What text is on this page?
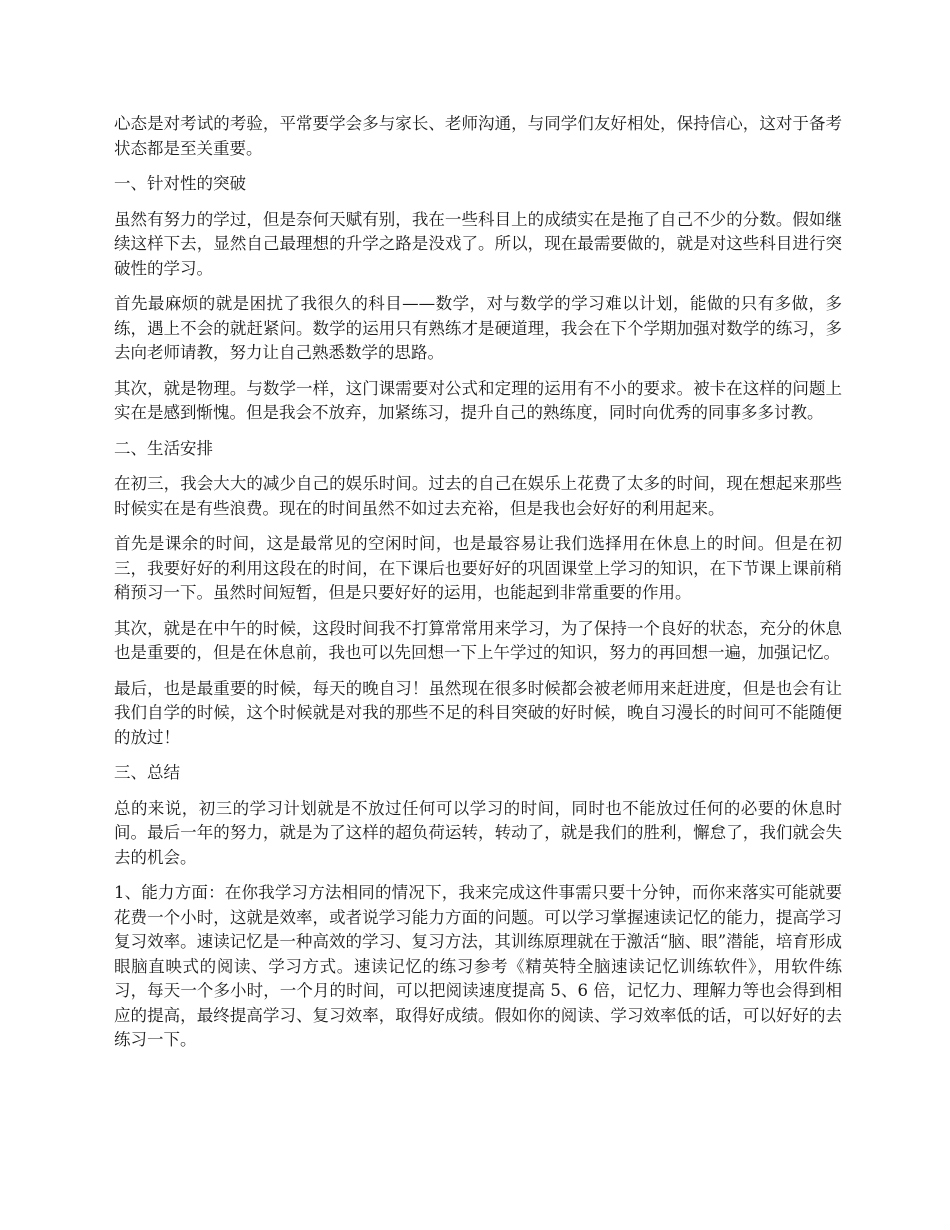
心态是对考试的考验，平常要学会多与家长、老师沟通，与同学们友好相处，保持信心，这对于备考状态都是至关重要。

一、针对性的突破

虽然有努力的学过，但是奈何天赋有别，我在一些科目上的成绩实在是拖了自己不少的分数。假如继续这样下去，显然自己最理想的升学之路是没戏了。所以，现在最需要做的，就是对这些科目进行突破性的学习。

首先最麻烦的就是困扰了我很久的科目——数学，对与数学的学习难以计划，能做的只有多做，多练，遇上不会的就赶紧问。数学的运用只有熟练才是硬道理，我会在下个学期加强对数学的练习，多去向老师请教，努力让自己熟悉数学的思路。

其次，就是物理。与数学一样，这门课需要对公式和定理的运用有不小的要求。被卡在这样的问题上实在是感到惭愧。但是我会不放弃，加紧练习，提升自己的熟练度，同时向优秀的同事多多讨教。

二、生活安排

在初三，我会大大的减少自己的娱乐时间。过去的自己在娱乐上花费了太多的时间，现在想起来那些时候实在是有些浪费。现在的时间虽然不如过去充裕，但是我也会好好的利用起来。

首先是课余的时间，这是最常见的空闲时间，也是最容易让我们选择用在休息上的时间。但是在初三，我要好好的利用这段在的时间，在下课后也要好好的巩固课堂上学习的知识，在下节课上课前稍稍预习一下。虽然时间短暂，但是只要好好的运用，也能起到非常重要的作用。

其次，就是在中午的时候，这段时间我不打算常常用来学习，为了保持一个良好的状态，充分的休息也是重要的，但是在休息前，我也可以先回想一下上午学过的知识，努力的再回想一遍，加强记忆。

最后，也是最重要的时候，每天的晚自习！虽然现在很多时候都会被老师用来赶进度，但是也会有让我们自学的时候，这个时候就是对我的那些不足的科目突破的好时候，晚自习漫长的时间可不能随便的放过！

三、总结

总的来说，初三的学习计划就是不放过任何可以学习的时间，同时也不能放过任何的必要的休息时间。最后一年的努力，就是为了这样的超负荷运转，转动了，就是我们的胜利，懈怠了，我们就会失去的机会。

1、能力方面：在你我学习方法相同的情况下，我来完成这件事需只要十分钟，而你来落实可能就要花费一个小时，这就是效率，或者说学习能力方面的问题。可以学习掌握速读记忆的能力，提高学习复习效率。速读记忆是一种高效的学习、复习方法，其训练原理就在于激活“脑、眼”潜能，培育形成眼脑直映式的阅读、学习方式。速读记忆的练习参考《精英特全脑速读记忆训练软件》，用软件练习，每天一个多小时，一个月的时间，可以把阅读速度提高 5、6 倍，记忆力、理解力等也会得到相应的提高，最终提高学习、复习效率，取得好成绩。假如你的阅读、学习效率低的话，可以好好的去练习一下。
